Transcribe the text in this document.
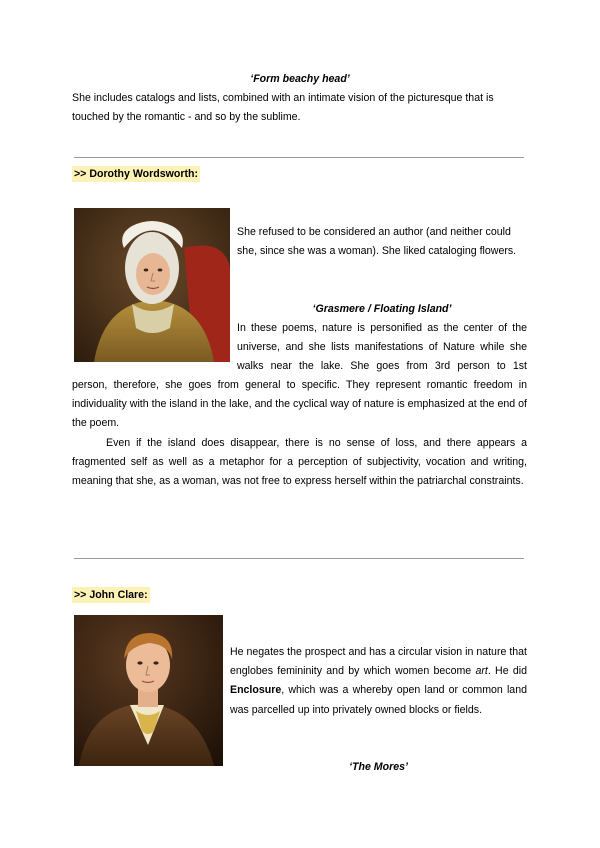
‘Form beachy head’
She includes catalogs and lists, combined with an intimate vision of the picturesque that is touched by the romantic - and so by the sublime.
>> Dorothy Wordsworth:
She refused to be considered an author (and neither could she, since she was a woman). She liked cataloging flowers.
‘Grasmere / Floating Island’
In these poems, nature is personified as the center of the universe, and she lists manifestations of Nature while she walks near the lake. She goes from 3rd person to 1st
person, therefore, she goes from general to specific. They represent romantic freedom in individuality with the island in the lake, and the cyclical way of nature is emphasized at the end of the poem.
Even if the island does disappear, there is no sense of loss, and there appears a fragmented self as well as a metaphor for a perception of subjectivity, vocation and writing, meaning that she, as a woman, was not free to express herself within the patriarchal constraints.
>> John Clare:
He negates the prospect and has a circular vision in nature that englobes femininity and by which women become art. He did Enclosure, which was a whereby open land or common land was parcelled up into privately owned blocks or fields.
‘The Mores’
